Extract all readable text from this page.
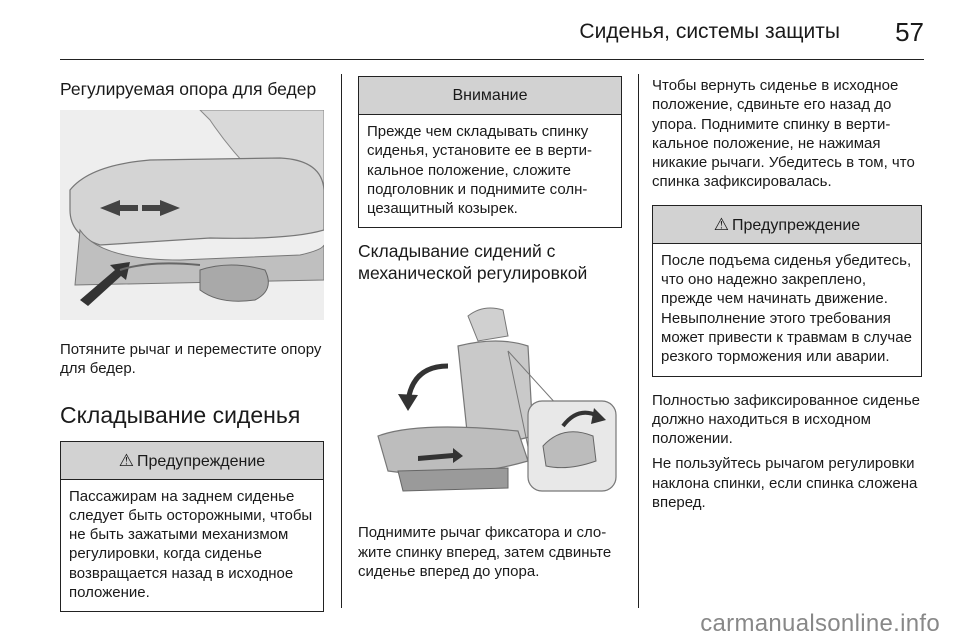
Сиденья, системы защиты 57
Регулируемая опора для бедер

Потяните рычаг и переместите опору для бедер.

Складывание сиденья
⚠ Предупреждение
Пассажирам на заднем сиденье следует быть осторожными, чтобы не быть зажатыми механизмом регулировки, когда сиденье возвращается назад в исходное положение.
Внимание
Прежде чем складывать спинку сиденья, установите ее в вертикальное положение, сложите подголовник и поднимите солнцезащитный козырек.
Складывание сидений с механической регулировкой

Поднимите рычаг фиксатора и сложите спинку вперед, затем сдвиньте сиденье вперед до упора.

Чтобы вернуть сиденье в исходное положение, сдвиньте его назад до упора. Поднимите спинку в вертикальное положение, не нажимая никакие рычаги. Убедитесь в том, что спинка зафиксировалась.

⚠ Предупреждение
После подъема сиденья убедитесь, что оно надежно закреплено, прежде чем начинать движение. Невыполнение этого требования может привести к травмам в случае резкого торможения или аварии.

Полностью зафиксированное сиденье должно находиться в исходном положении.

Не пользуйтесь рычагом регулировки наклона спинки, если спинка сложена вперед.

carmanualsonline.info
